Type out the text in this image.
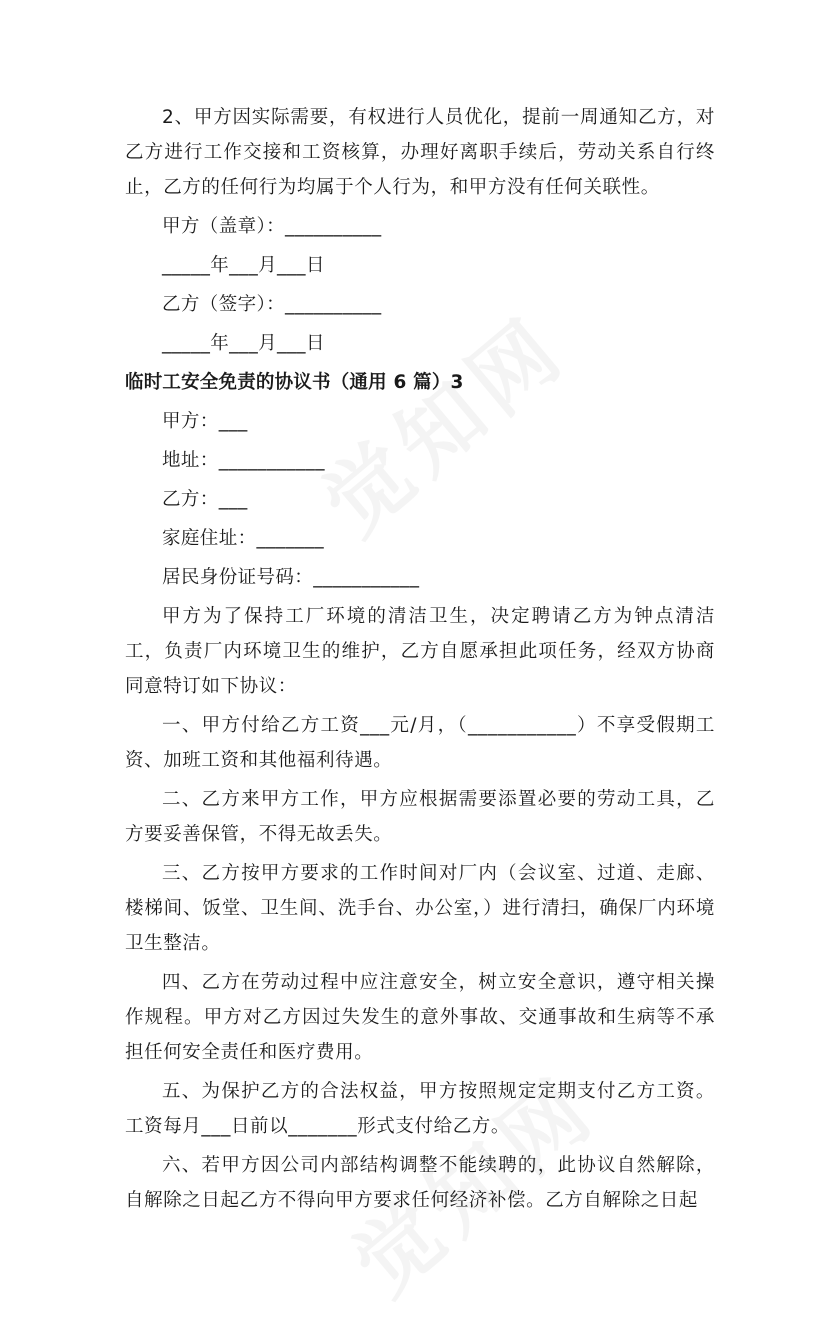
2、甲方因实际需要，有权进行人员优化，提前一周通知乙方，对乙方进行工作交接和工资核算，办理好离职手续后，劳动关系自行终止，乙方的任何行为均属于个人行为，和甲方没有任何关联性。

甲方（盖章）：__________

_____年___月___日

乙方（签字）：__________

_____年___月___日

临时工安全免责的协议书（通用 6 篇）3

甲方：___

地址：___________

乙方：___

家庭住址：_______

居民身份证号码：___________

甲方为了保持工厂环境的清洁卫生，决定聘请乙方为钟点清洁工，负责厂内环境卫生的维护，乙方自愿承担此项任务，经双方协商同意特订如下协议：

一、甲方付给乙方工资___元/月，（___________）不享受假期工资、加班工资和其他福利待遇。

二、乙方来甲方工作，甲方应根据需要添置必要的劳动工具，乙方要妥善保管，不得无故丢失。

三、乙方按甲方要求的工作时间对厂内（会议室、过道、走廊、楼梯间、饭堂、卫生间、洗手台、办公室，）进行清扫，确保厂内环境卫生整洁。

四、乙方在劳动过程中应注意安全，树立安全意识，遵守相关操作规程。甲方对乙方因过失发生的意外事故、交通事故和生病等不承担任何安全责任和医疗费用。

五、为保护乙方的合法权益，甲方按照规定定期支付乙方工资。工资每月___日前以_______形式支付给乙方。

六、若甲方因公司内部结构调整不能续聘的，此协议自然解除，自解除之日起乙方不得向甲方要求任何经济补偿。乙方自解除之日起
